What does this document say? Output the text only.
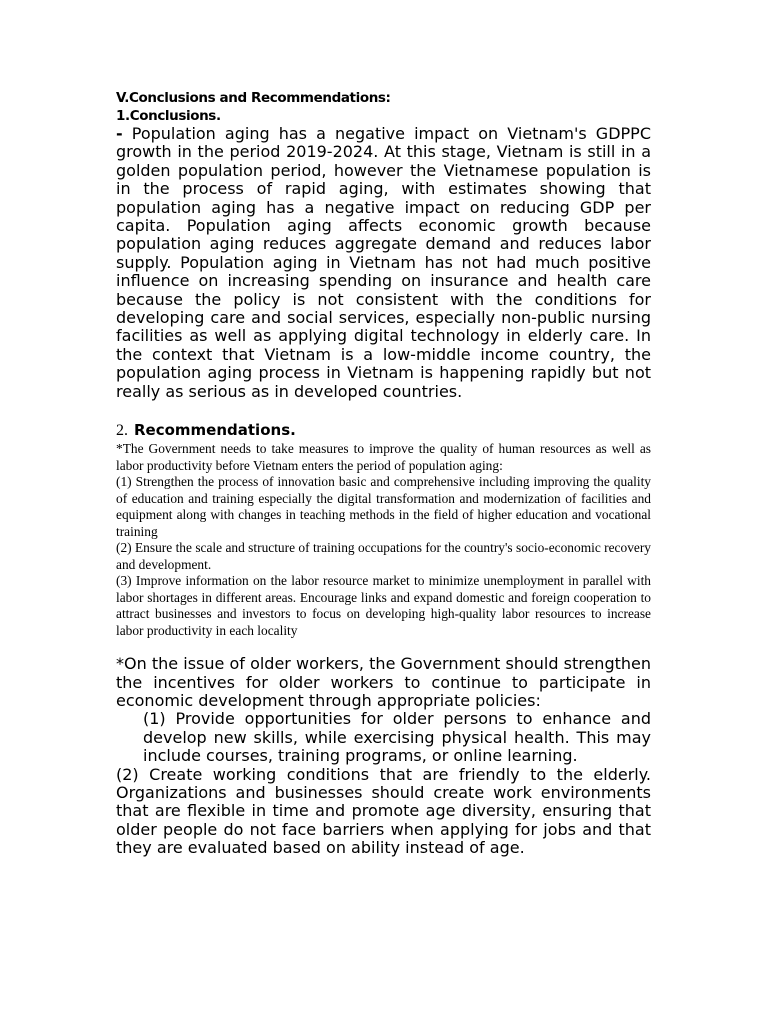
V.Conclusions and Recommendations:

1.Conclusions.

- Population aging has a negative impact on Vietnam's GDPPC growth in the period 2019-2024. At this stage, Vietnam is still in a golden population period, however the Vietnamese population is in the process of rapid aging, with estimates showing that population aging has a negative impact on reducing GDP per capita. Population aging affects economic growth because population aging reduces aggregate demand and reduces labor supply. Population aging in Vietnam has not had much positive influence on increasing spending on insurance and health care because the policy is not consistent with the conditions for developing care and social services, especially non-public nursing facilities as well as applying digital technology in elderly care. In the context that Vietnam is a low-middle income country, the population aging process in Vietnam is happening rapidly but not really as serious as in developed countries.

2. Recommendations.

*The Government needs to take measures to improve the quality of human resources as well as labor productivity before Vietnam enters the period of population aging:

(1) Strengthen the process of innovation basic and comprehensive including improving the quality of education and training especially the digital transformation and modernization of facilities and equipment along with changes in teaching methods in the field of higher education and vocational training

(2) Ensure the scale and structure of training occupations for the country's socio-economic recovery and development.

(3) Improve information on the labor resource market to minimize unemployment in parallel with labor shortages in different areas. Encourage links and expand domestic and foreign cooperation to attract businesses and investors to focus on developing high-quality labor resources to increase labor productivity in each locality

*On the issue of older workers, the Government should strengthen the incentives for older workers to continue to participate in economic development through appropriate policies:

(1) Provide opportunities for older persons to enhance and develop new skills, while exercising physical health. This may include courses, training programs, or online learning.

(2) Create working conditions that are friendly to the elderly. Organizations and businesses should create work environments that are flexible in time and promote age diversity, ensuring that older people do not face barriers when applying for jobs and that they are evaluated based on ability instead of age.
